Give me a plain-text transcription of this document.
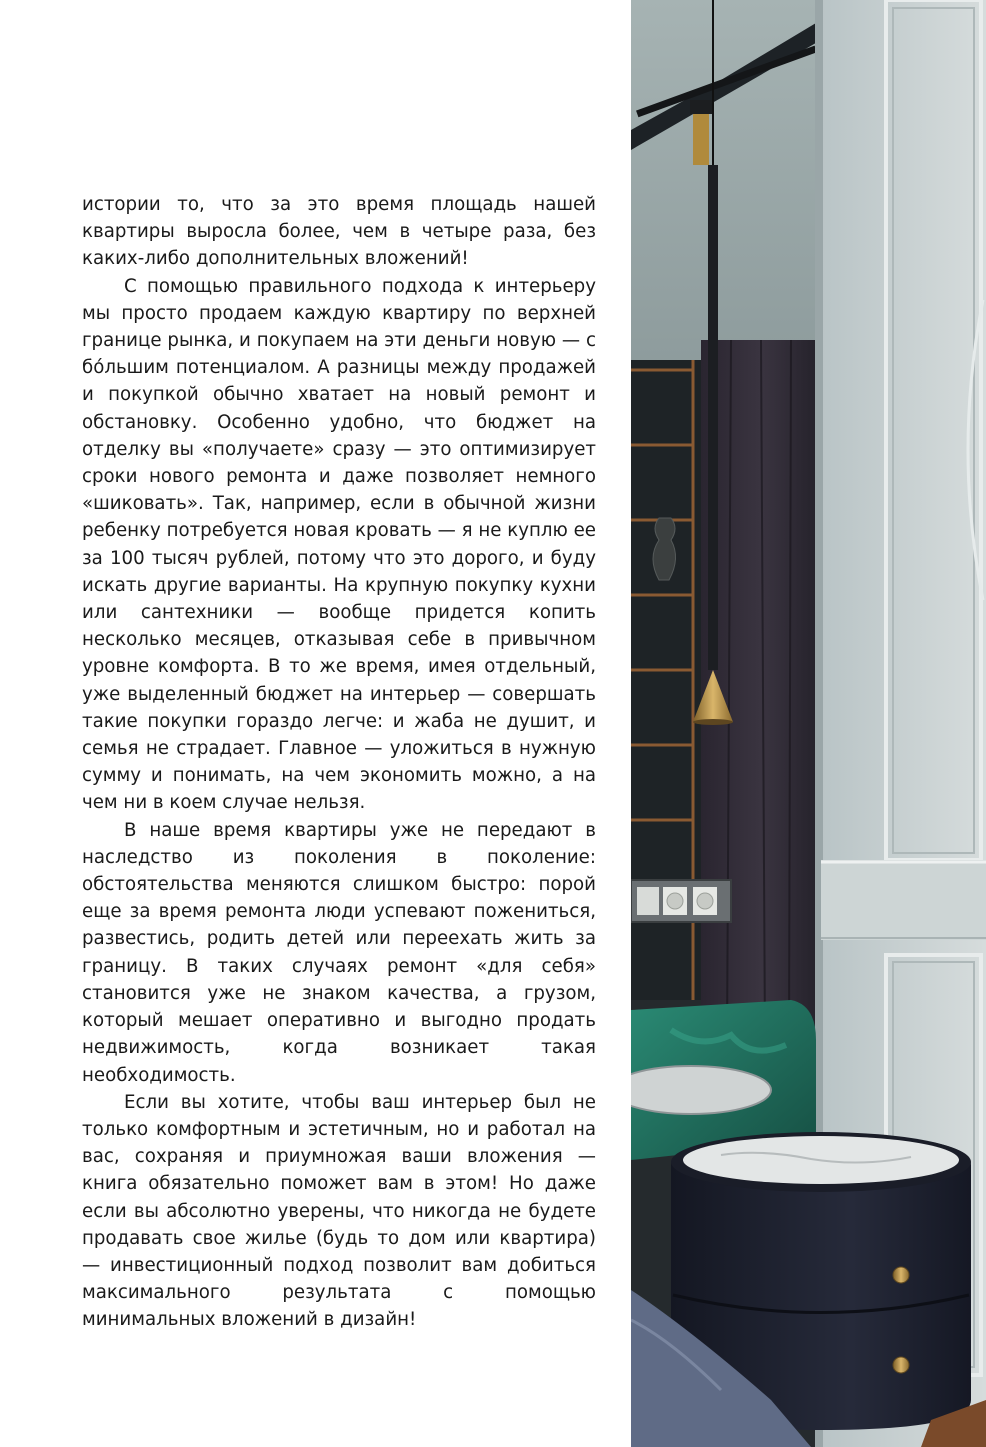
истории то, что за это время площадь нашей квартиры выросла более, чем в четыре раза, без каких-либо дополнительных вложений!

С помощью правильного подхода к интерьеру мы просто продаем каждую квартиру по верхней границе рынка, и покупаем на эти деньги новую — с бо́льшим потенциалом. А разницы между продажей и покупкой обычно хватает на новый ремонт и обстановку. Особенно удобно, что бюджет на отделку вы «получаете» сразу — это оптимизирует сроки нового ремонта и даже позволяет немного «шиковать». Так, например, если в обычной жизни ребенку потребуется новая кровать — я не куплю ее за 100 тысяч рублей, потому что это дорого, и буду искать другие варианты. На крупную покупку кухни или сантехники — вообще придется копить несколько месяцев, отказывая себе в привычном уровне комфорта. В то же время, имея отдельный, уже выделенный бюджет на интерьер — совершать такие покупки гораздо легче: и жаба не душит, и семья не страдает. Главное — уложиться в нужную сумму и понимать, на чем экономить можно, а на чем ни в коем случае нельзя.

В наше время квартиры уже не передают в наследство из поколения в поколение: обстоятельства меняются слишком быстро: порой еще за время ремонта люди успевают пожениться, развестись, родить детей или переехать жить за границу. В таких случаях ремонт «для себя» становится уже не знаком качества, а грузом, который мешает оперативно и выгодно продать недвижимость, когда возникает такая необходимость.

Если вы хотите, чтобы ваш интерьер был не только комфортным и эстетичным, но и работал на вас, сохраняя и приумножая ваши вложения — книга обязательно поможет вам в этом! Но даже если вы абсолютно уверены, что никогда не будете продавать свое жилье (будь то дом или квартира) — инвестиционный подход позволит вам добиться максимального результата с помощью минимальных вложений в дизайн!
